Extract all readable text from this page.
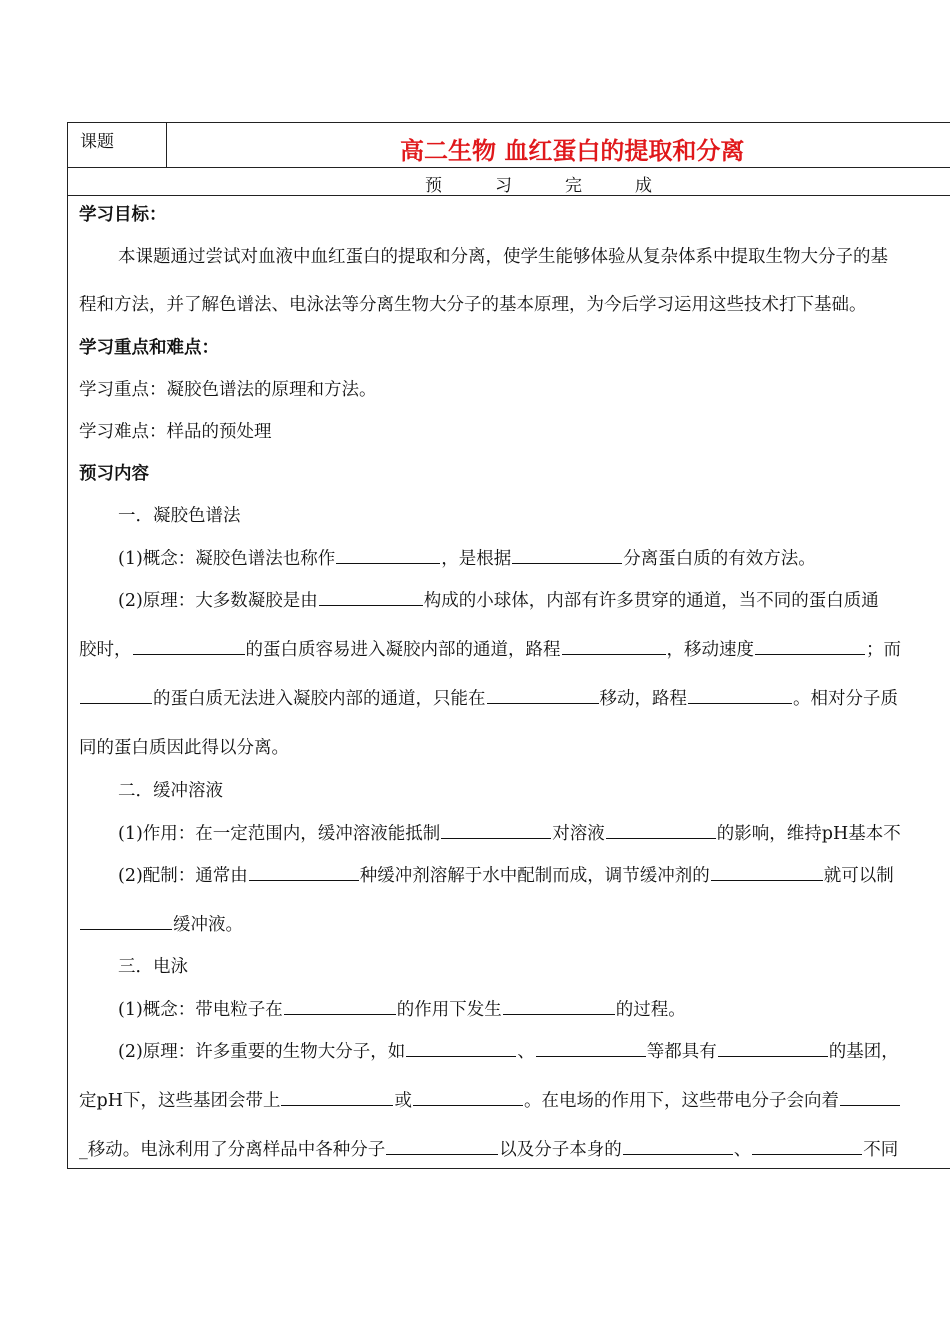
课题	高二生物 血红蛋白的提取和分离
预	习	完	成
学习目标：
本课题通过尝试对血液中血红蛋白的提取和分离，使学生能够体验从复杂体系中提取生物大分子的基
程和方法，并了解色谱法、电泳法等分离生物大分子的基本原理，为今后学习运用这些技术打下基础。
学习重点和难点：
学习重点：凝胶色谱法的原理和方法。
学习难点：样品的预处理
预习内容
一．凝胶色谱法
(1)概念：凝胶色谱法也称作	，是根据	分离蛋白质的有效方法。
(2)原理：大多数凝胶是由	构成的小球体，内部有许多贯穿的通道，当不同的蛋白质通
胶时，	的蛋白质容易进入凝胶内部的通道，路程	，移动速度	；而
的蛋白质无法进入凝胶内部的通道，只能在	移动，路程	。相对分子质
同的蛋白质因此得以分离。
二．缓冲溶液
(1)作用：在一定范围内，缓冲溶液能抵制	对溶液	的影响，维持pH基本不
(2)配制：通常由	种缓冲剂溶解于水中配制而成，调节缓冲剂的	就可以制
缓冲液。
三．电泳
(1)概念：带电粒子在	的作用下发生	的过程。
(2)原理：许多重要的生物大分子，如	、	等都具有	的基团，
定pH下，这些基团会带上	或	。在电场的作用下，这些带电分子会向着
_移动。电泳利用了分离样品中各种分子	以及分子本身的	、	不同
